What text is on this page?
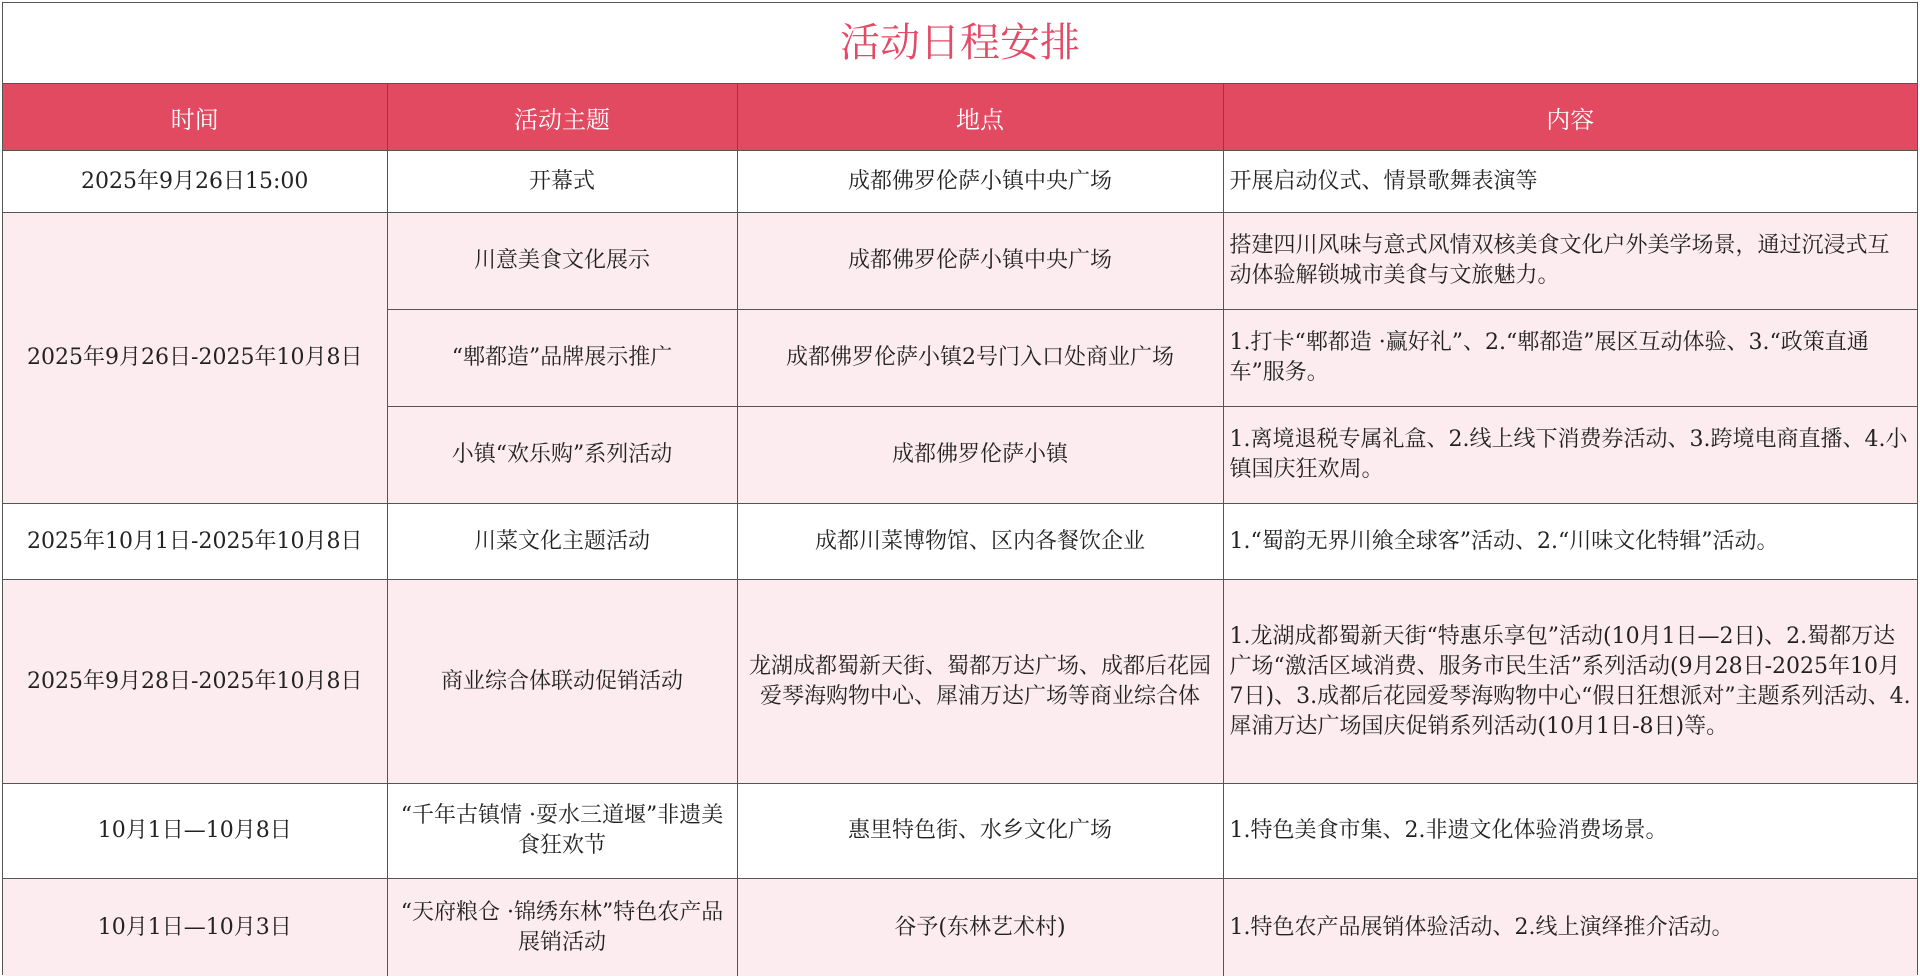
活动日程安排
时间	活动主题	地点	内容
2025年9月26日15:00	开幕式	成都佛罗伦萨小镇中央广场	开展启动仪式、情景歌舞表演等
2025年9月26日-2025年10月8日	川意美食文化展示	成都佛罗伦萨小镇中央广场	搭建四川风味与意式风情双核美食文化户外美学场景，通过沉浸式互动体验解锁城市美食与文旅魅力。
	“郫都造”品牌展示推广	成都佛罗伦萨小镇2号门入口处商业广场	1.打卡“郫都造 ·赢好礼”、2.“郫都造”展区互动体验、3.“政策直通车”服务。
	小镇“欢乐购”系列活动	成都佛罗伦萨小镇	1.离境退税专属礼盒、2.线上线下消费券活动、3.跨境电商直播、4.小镇国庆狂欢周。
2025年10月1日-2025年10月8日	川菜文化主题活动	成都川菜博物馆、区内各餐饮企业	1.“蜀韵无界川飨全球客”活动、2.“川味文化特辑”活动。
2025年9月28日-2025年10月8日	商业综合体联动促销活动	龙湖成都蜀新天街、蜀都万达广场、成都后花园爱琴海购物中心、犀浦万达广场等商业综合体	1.龙湖成都蜀新天街“特惠乐享包”活动(10月1日—2日)、2.蜀都万达广场“激活区域消费、服务市民生活”系列活动(9月28日-2025年10月7日)、3.成都后花园爱琴海购物中心“假日狂想派对”主题系列活动、4.犀浦万达广场国庆促销系列活动(10月1日-8日)等。
10月1日—10月8日	“千年古镇情 ·耍水三道堰”非遗美食狂欢节	惠里特色街、水乡文化广场	1.特色美食市集、2.非遗文化体验消费场景。
10月1日—10月3日	“天府粮仓 ·锦绣东林”特色农产品展销活动	谷予(东林艺术村)	1.特色农产品展销体验活动、2.线上演绎推介活动。
